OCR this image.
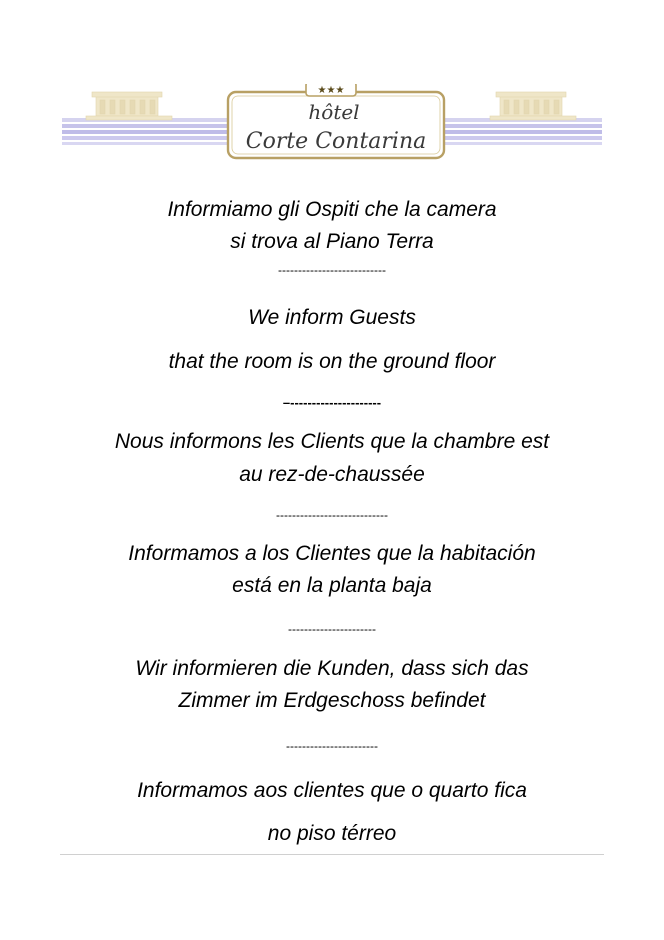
★★★
hôtel
Corte Contarina
Informiamo gli Ospiti che la camera
si trova al Piano Terra
---------------------------
We inform Guests
that the room is on the ground floor
–---------------------
Nous informons les Clients que la chambre est
au rez-de-chaussée
----------------------------
Informamos a los Clientes que la habitación
está en la planta baja
----------------------
Wir informieren die Kunden, dass sich das
Zimmer im Erdgeschoss befindet
-----------------------
Informamos aos clientes que o quarto fica
no piso térreo
